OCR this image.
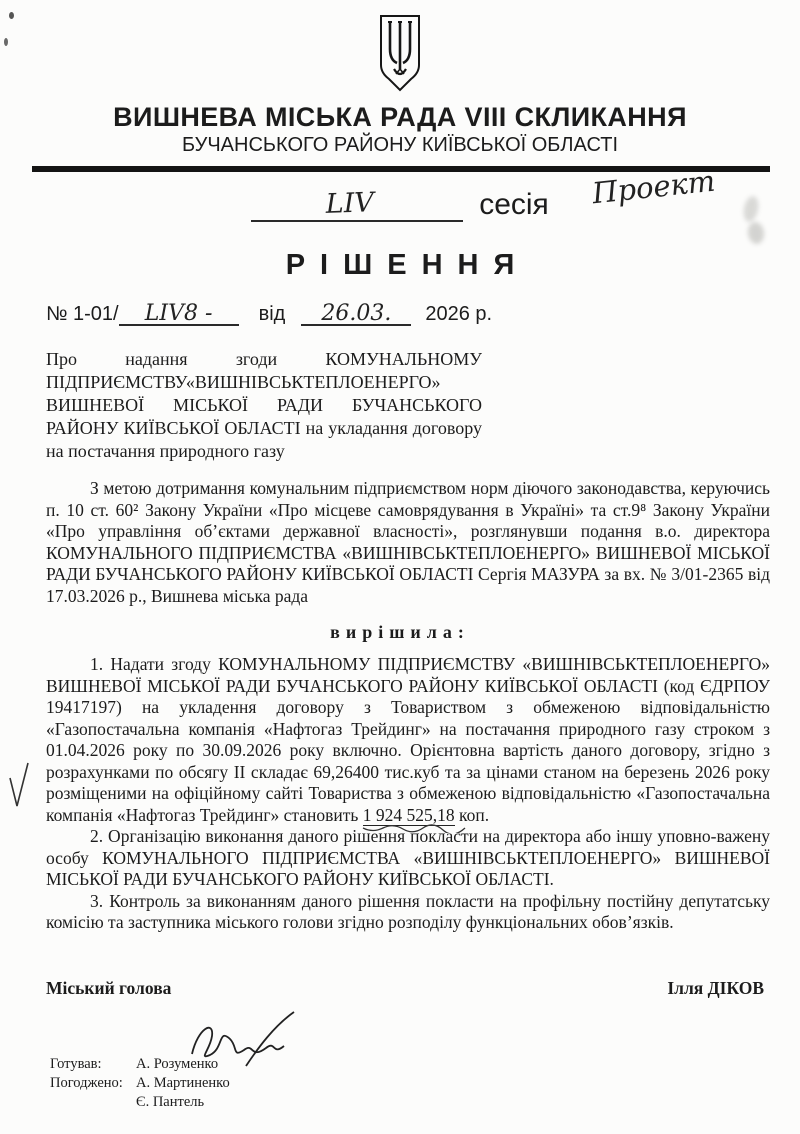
ВИШНЕВА МІСЬКА РАДА VIII СКЛИКАННЯ
БУЧАНСЬКОГО РАЙОНУ КИЇВСЬКОЇ ОБЛАСТІ
LIV	сесія	Проект
РІШЕННЯ
№ 1-01/	LIV8 -	від	26.03.	2026 р.
Про надання згоди КОМУНАЛЬНОМУ ПІДПРИЄМСТВУ«ВИШНІВСЬКТЕПЛОЕНЕРГО» ВИШНЕВОЇ МІСЬКОЇ РАДИ БУЧАНСЬКОГО РАЙОНУ КИЇВСЬКОЇ ОБЛАСТІ на укладання договору на постачання природного газу
З метою дотримання комунальним підприємством норм діючого законодавства, керуючись п. 10 ст. 60² Закону України «Про місцеве самоврядування в Україні» та ст.9⁸ Закону України «Про управління об’єктами державної власності», розглянувши подання в.о. директора КОМУНАЛЬНОГО ПІДПРИЄМСТВА «ВИШНІВСЬКТЕПЛОЕНЕРГО» ВИШНЕВОЇ МІСЬКОЇ РАДИ БУЧАНСЬКОГО РАЙОНУ КИЇВСЬКОЇ ОБЛАСТІ Сергія МАЗУРА за вх. № 3/01-2365 від 17.03.2026 р., Вишнева міська рада
вирішила:
1. Надати згоду КОМУНАЛЬНОМУ ПІДПРИЄМСТВУ «ВИШНІВСЬКТЕПЛОЕНЕРГО» ВИШНЕВОЇ МІСЬКОЇ РАДИ БУЧАНСЬКОГО РАЙОНУ КИЇВСЬКОЇ ОБЛАСТІ (код ЄДРПОУ 19417197) на укладення договору з Товариством з обмеженою відповідальністю «Газопостачальна компанія «Нафтогаз Трейдинг» на постачання природного газу строком з 01.04.2026 року по 30.09.2026 року включно. Орієнтовна вартість даного договору, згідно з розрахунками по обсягу ІІ складає 69,26400 тис.куб та за цінами станом на березень 2026 року розміщеними на офіційному сайті Товариства з обмеженою відповідальністю «Газопостачальна компанія «Нафтогаз Трейдинг» становить 1 924 525,18
коп.
2. Організацію виконання даного рішення покласти на директора або іншу уповно-важену особу КОМУНАЛЬНОГО ПІДПРИЄМСТВА «ВИШНІВСЬКТЕПЛОЕНЕРГО» ВИШНЕВОЇ МІСЬКОЇ РАДИ БУЧАНСЬКОГО РАЙОНУ КИЇВСЬКОЇ ОБЛАСТІ.
3. Контроль за виконанням даного рішення покласти на профільну постійну депутатську комісію та заступника міського голови згідно розподілу функціональних обов’язків.
Міський голова	Ілля ДІКОВ
Готував:	А. Розуменко
Погоджено: А. Мартиненко
Є. Пантель
